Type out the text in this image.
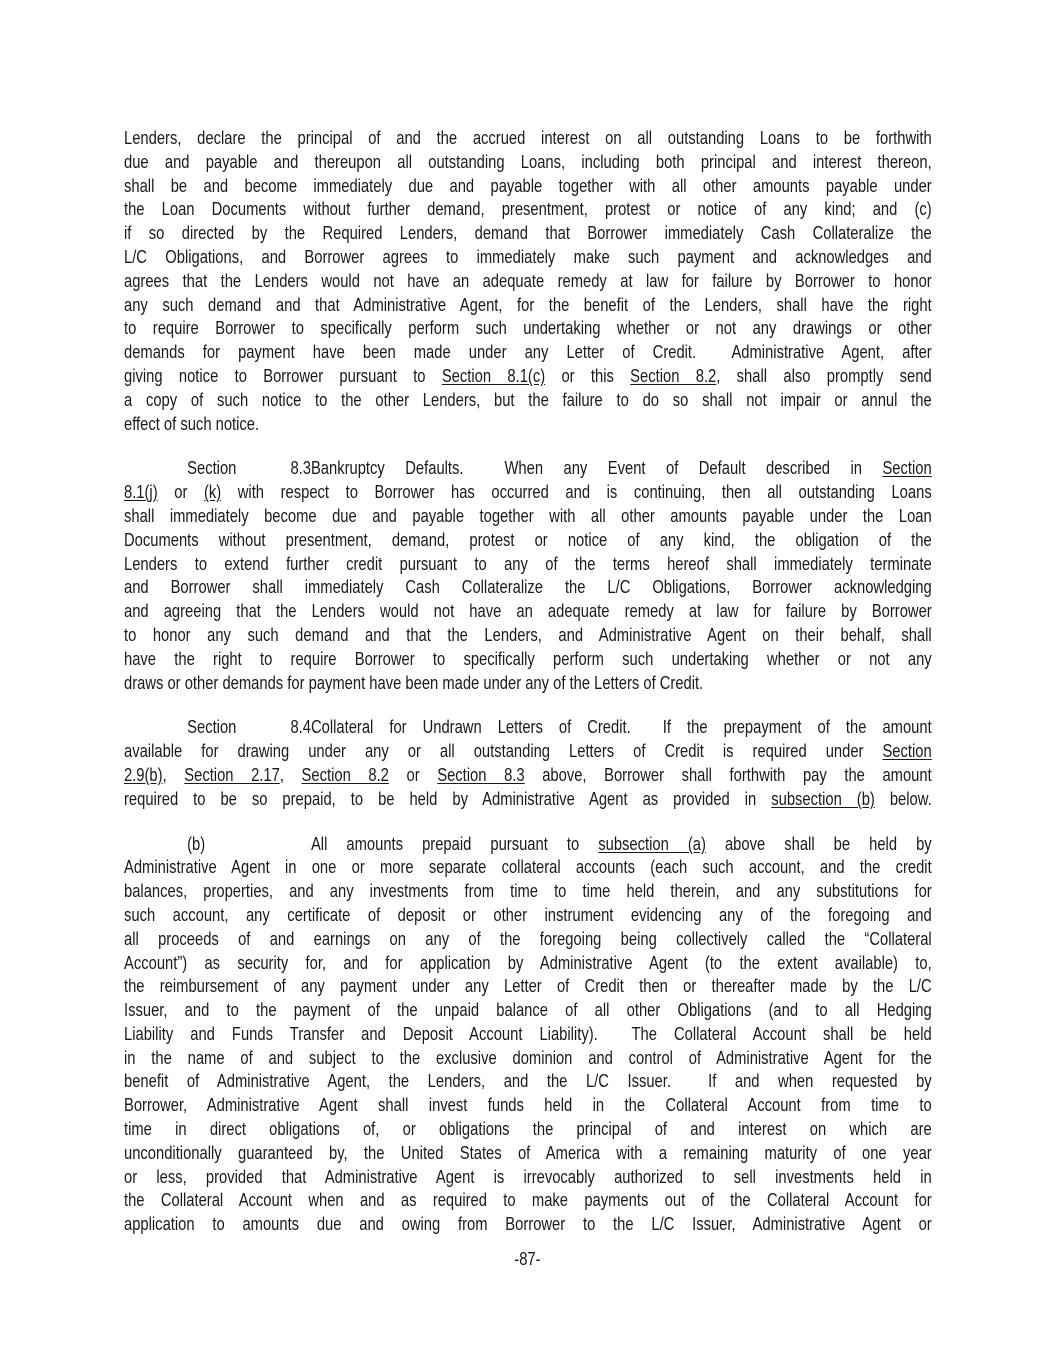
Lenders, declare the principal of and the accrued interest on all outstanding Loans to be forthwith
due and payable and thereupon all outstanding Loans, including both principal and interest thereon,
shall be and become immediately due and payable together with all other amounts payable under
the Loan Documents without further demand, presentment, protest or notice of any kind; and (c)
if so directed by the Required Lenders, demand that Borrower immediately Cash Collateralize the
L/C Obligations, and Borrower agrees to immediately make such payment and acknowledges and
agrees that the Lenders would not have an adequate remedy at law for failure by Borrower to honor
any such demand and that Administrative Agent, for the benefit of the Lenders, shall have the right
to require Borrower to specifically perform such undertaking whether or not any drawings or other
demands for payment have been made under any Letter of Credit.  Administrative Agent, after
giving notice to Borrower pursuant to Section 8.1(c) or this Section 8.2, shall also promptly send
a copy of such notice to the other Lenders, but the failure to do so shall not impair or annul the
effect of such notice.
Section 8.3Bankruptcy Defaults.  When any Event of Default described in Section
8.1(j) or (k) with respect to Borrower has occurred and is continuing, then all outstanding Loans
shall immediately become due and payable together with all other amounts payable under the Loan
Documents without presentment, demand, protest or notice of any kind, the obligation of the
Lenders to extend further credit pursuant to any of the terms hereof shall immediately terminate
and Borrower shall immediately Cash Collateralize the L/C Obligations, Borrower acknowledging
and agreeing that the Lenders would not have an adequate remedy at law for failure by Borrower
to honor any such demand and that the Lenders, and Administrative Agent on their behalf, shall
have the right to require Borrower to specifically perform such undertaking whether or not any
draws or other demands for payment have been made under any of the Letters of Credit.
Section 8.4Collateral for Undrawn Letters of Credit.  If the prepayment of the amount
available for drawing under any or all outstanding Letters of Credit is required under Section
2.9(b), Section 2.17, Section 8.2 or Section 8.3 above, Borrower shall forthwith pay the amount
required to be so prepaid, to be held by Administrative Agent as provided in subsection (b) below.
(b)	All amounts prepaid pursuant to subsection (a) above shall be held by
Administrative Agent in one or more separate collateral accounts (each such account, and the credit
balances, properties, and any investments from time to time held therein, and any substitutions for
such account, any certificate of deposit or other instrument evidencing any of the foregoing and
all proceeds of and earnings on any of the foregoing being collectively called the “Collateral
Account”) as security for, and for application by Administrative Agent (to the extent available) to,
the reimbursement of any payment under any Letter of Credit then or thereafter made by the L/C
Issuer, and to the payment of the unpaid balance of all other Obligations (and to all Hedging
Liability and Funds Transfer and Deposit Account Liability).  The Collateral Account shall be held
in the name of and subject to the exclusive dominion and control of Administrative Agent for the
benefit of Administrative Agent, the Lenders, and the L/C Issuer.  If and when requested by
Borrower, Administrative Agent shall invest funds held in the Collateral Account from time to
time in direct obligations of, or obligations the principal of and interest on which are
unconditionally guaranteed by, the United States of America with a remaining maturity of one year
or less, provided that Administrative Agent is irrevocably authorized to sell investments held in
the Collateral Account when and as required to make payments out of the Collateral Account for
application to amounts due and owing from Borrower to the L/C Issuer, Administrative Agent or
-87-
